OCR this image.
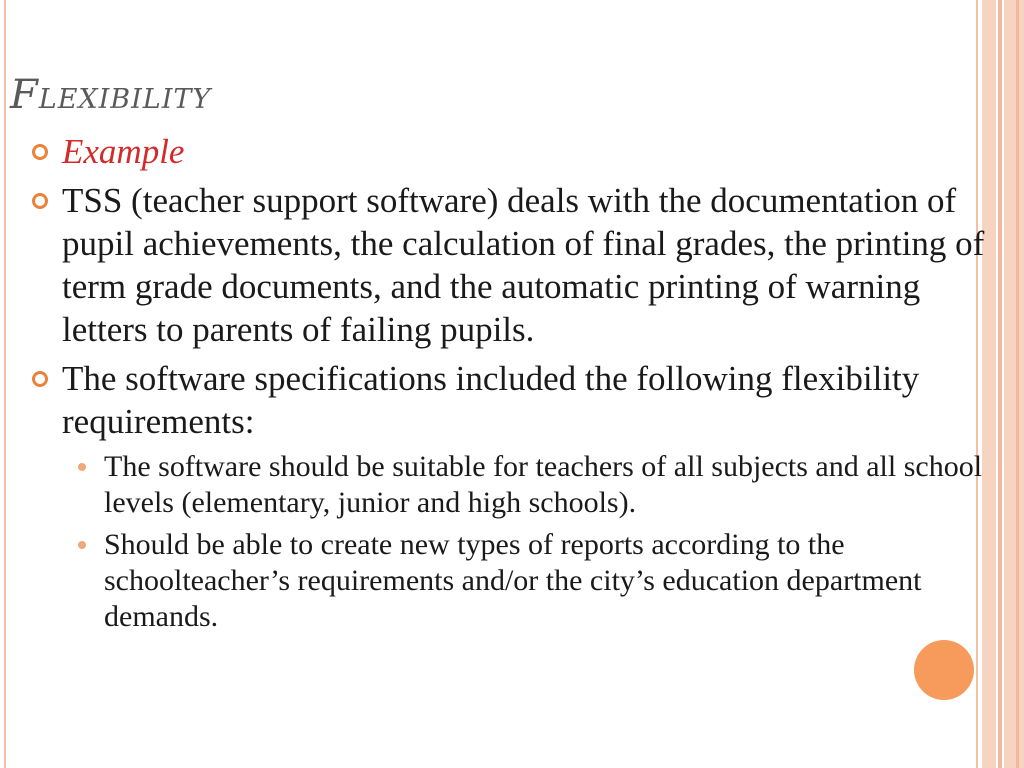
FLEXIBILITY
Example
TSS (teacher support software) deals with the documentation of pupil achievements, the calculation of final grades, the printing of term grade documents, and the automatic printing of warning letters to parents of failing pupils.
The software specifications included the following flexibility requirements:
The software should be suitable for teachers of all subjects and all school levels (elementary, junior and high schools).
Should be able to create new types of reports according to the schoolteacher’s requirements and/or the city’s education department demands.
